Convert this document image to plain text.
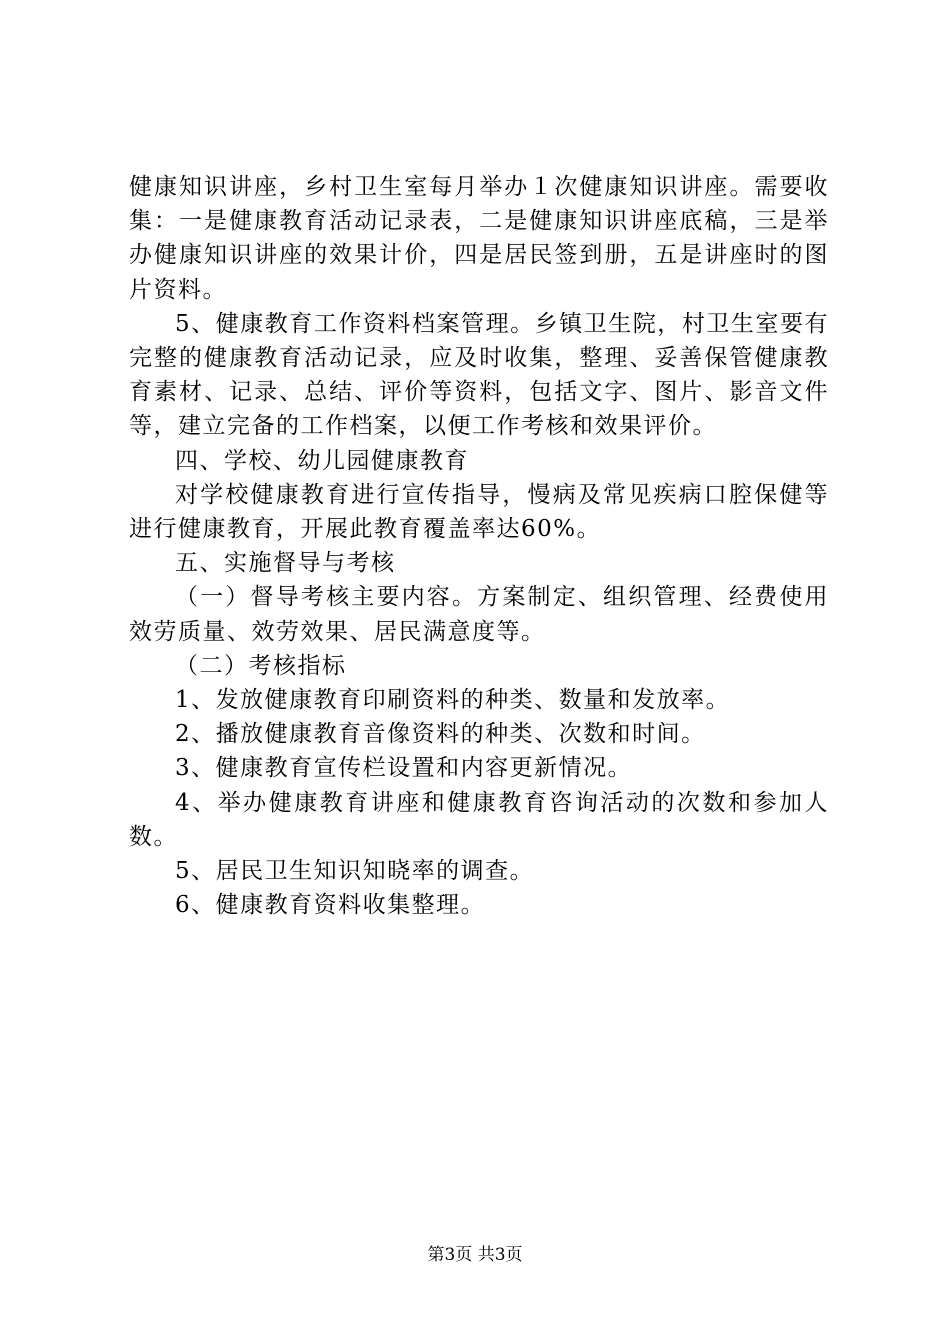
健康知识讲座，乡村卫生室每月举办１次健康知识讲座。需要收集：一是健康教育活动记录表，二是健康知识讲座底稿，三是举办健康知识讲座的效果计价，四是居民签到册，五是讲座时的图片资料。

5、健康教育工作资料档案管理。乡镇卫生院，村卫生室要有完整的健康教育活动记录，应及时收集，整理、妥善保管健康教育素材、记录、总结、评价等资料，包括文字、图片、影音文件等，建立完备的工作档案，以便工作考核和效果评价。

四、学校、幼儿园健康教育

对学校健康教育进行宣传指导，慢病及常见疾病口腔保健等进行健康教育，开展此教育覆盖率达60%。

五、实施督导与考核

（一）督导考核主要内容。方案制定、组织管理、经费使用效劳质量、效劳效果、居民满意度等。

（二）考核指标

1、发放健康教育印刷资料的种类、数量和发放率。

2、播放健康教育音像资料的种类、次数和时间。

3、健康教育宣传栏设置和内容更新情况。

4、举办健康教育讲座和健康教育咨询活动的次数和参加人数。

5、居民卫生知识知晓率的调查。

6、健康教育资料收集整理。

第3页 共3页
